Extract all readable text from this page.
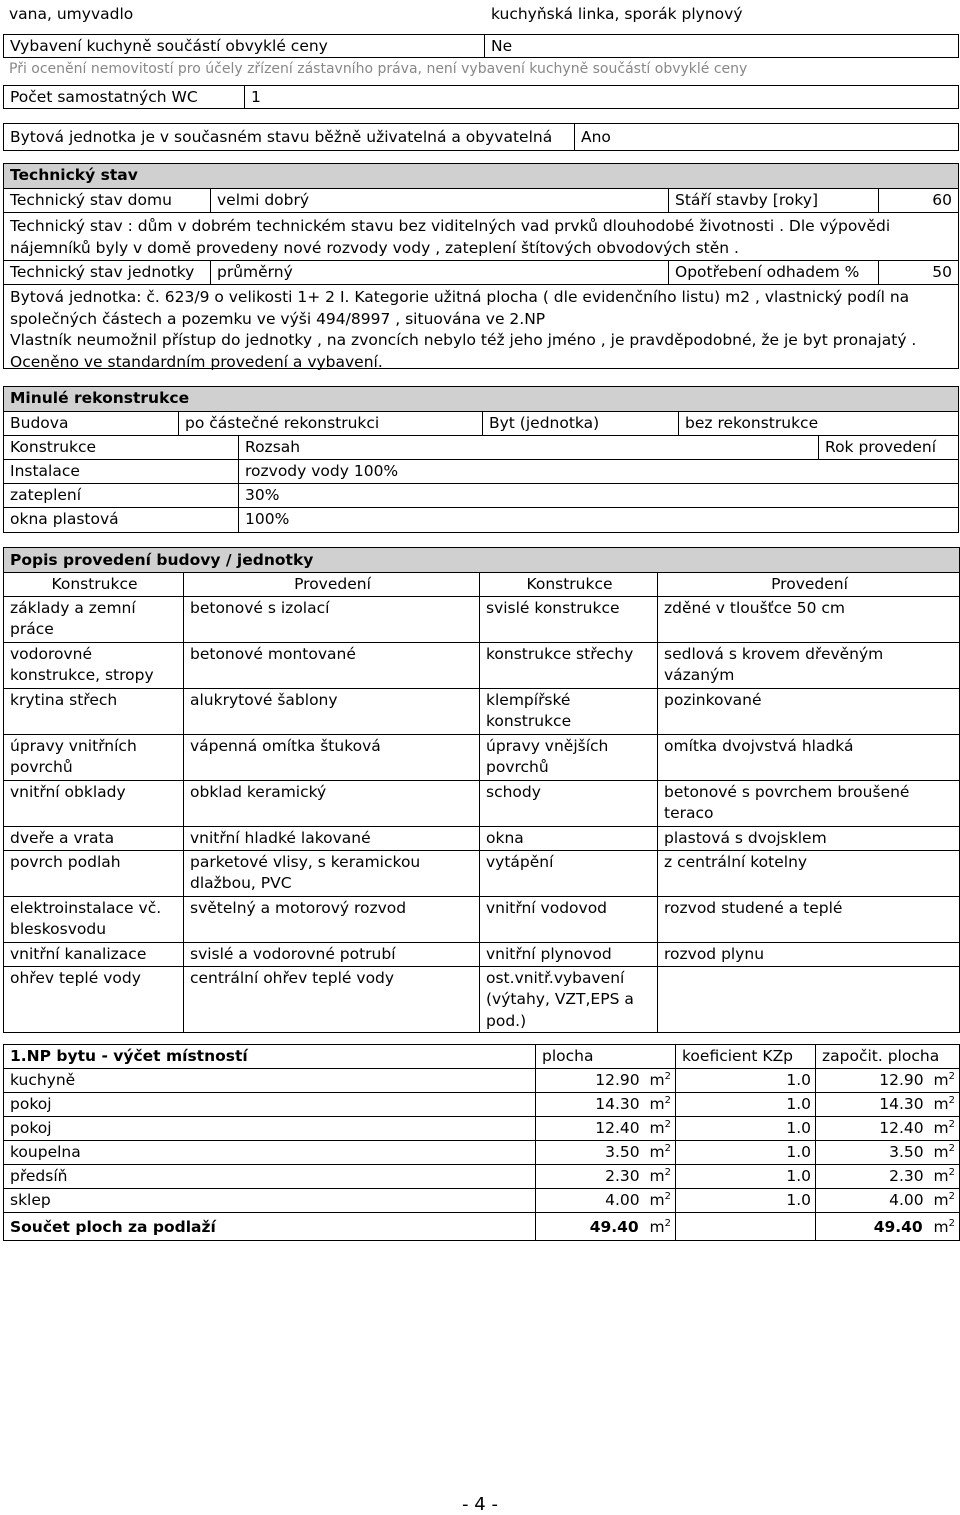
vana, umyvadlo	kuchyňská linka, sporák plynový
Vybavení kuchyně součástí obvyklé ceny	Ne
Při ocenění nemovitostí pro účely zřízení zástavního práva, není vybavení kuchyně součástí obvyklé ceny
Počet samostatných WC	1
Bytová jednotka je v současném stavu běžně uživatelná a obyvatelná	Ano
Technický stav
Technický stav domu	velmi dobrý	Stáří stavby [roky]	60
Technický stav : dům v dobrém technickém stavu bez viditelných vad prvků dlouhodobé životnosti . Dle výpovědi nájemníků byly v domě provedeny nové rozvody vody , zateplení štítových obvodových stěn .
Technický stav jednotky	průměrný	Opotřebení odhadem %	50
Bytová jednotka: č. 623/9 o velikosti 1+ 2 I. Kategorie užitná plocha ( dle evidenčního listu) m2 , vlastnický podíl na společných částech a pozemku ve výši 494/8997 , situována ve 2.NP
Vlastník neumožnil přístup do jednotky , na zvoncích nebylo též jeho jméno , je pravděpodobné, že je byt pronajatý . Oceněno ve standardním provedení a vybavení.
Minulé rekonstrukce
Budova	po částečné rekonstrukci	Byt (jednotka)	bez rekonstrukce
Konstrukce	Rozsah	Rok provedení
Instalace	rozvody vody 100%
zateplení	30%
okna plastová	100%
Popis provedení budovy / jednotky			
Konstrukce	Provedení	Konstrukce	Provedení
základy a zemní práce	betonové s izolací	svislé konstrukce	zděné v tloušťce 50 cm
vodorovné konstrukce, stropy	betonové montované	konstrukce střechy	sedlová s krovem dřevěným vázaným
krytina střech	alukrytové šablony	klempířské konstrukce	pozinkované
úpravy vnitřních povrchů	vápenná omítka štuková	úpravy vnějších povrchů	omítka dvojvstvá hladká
vnitřní obklady	obklad keramický	schody	betonové s povrchem broušené teraco
dveře a vrata	vnitřní hladké lakované	okna	plastová s dvojsklem
povrch podlah	parketové vlisy, s keramickou dlažbou, PVC	vytápění	z centrální kotelny
elektroinstalace vč. bleskosvodu	světelný a motorový rozvod	vnitřní vodovod	rozvod studené a teplé
vnitřní kanalizace	svislé a vodorovné potrubí	vnitřní plynovod	rozvod plynu
ohřev teplé vody	centrální ohřev teplé vody	ost.vnitř.vybavení (výtahy, VZT,EPS a pod.)	
1.NP bytu - výčet místností	plocha	koeficient KZp	započit. plocha
kuchyně	12.90 $m^2$	1.0	12.90 $m^2$
pokoj	14.30 $m^2$	1.0	14.30 $m^2$
pokoj	12.40 $m^2$	1.0	12.40 $m^2$
koupelna	3.50 $m^2$	1.0	3.50 $m^2$
předsíň	2.30 $m^2$	1.0	2.30 $m^2$
sklep	4.00 $m^2$	1.0	4.00 $m^2$
Součet ploch za podlaží	49.40 $m^2$		49.40 $m^2$
- 4 -
